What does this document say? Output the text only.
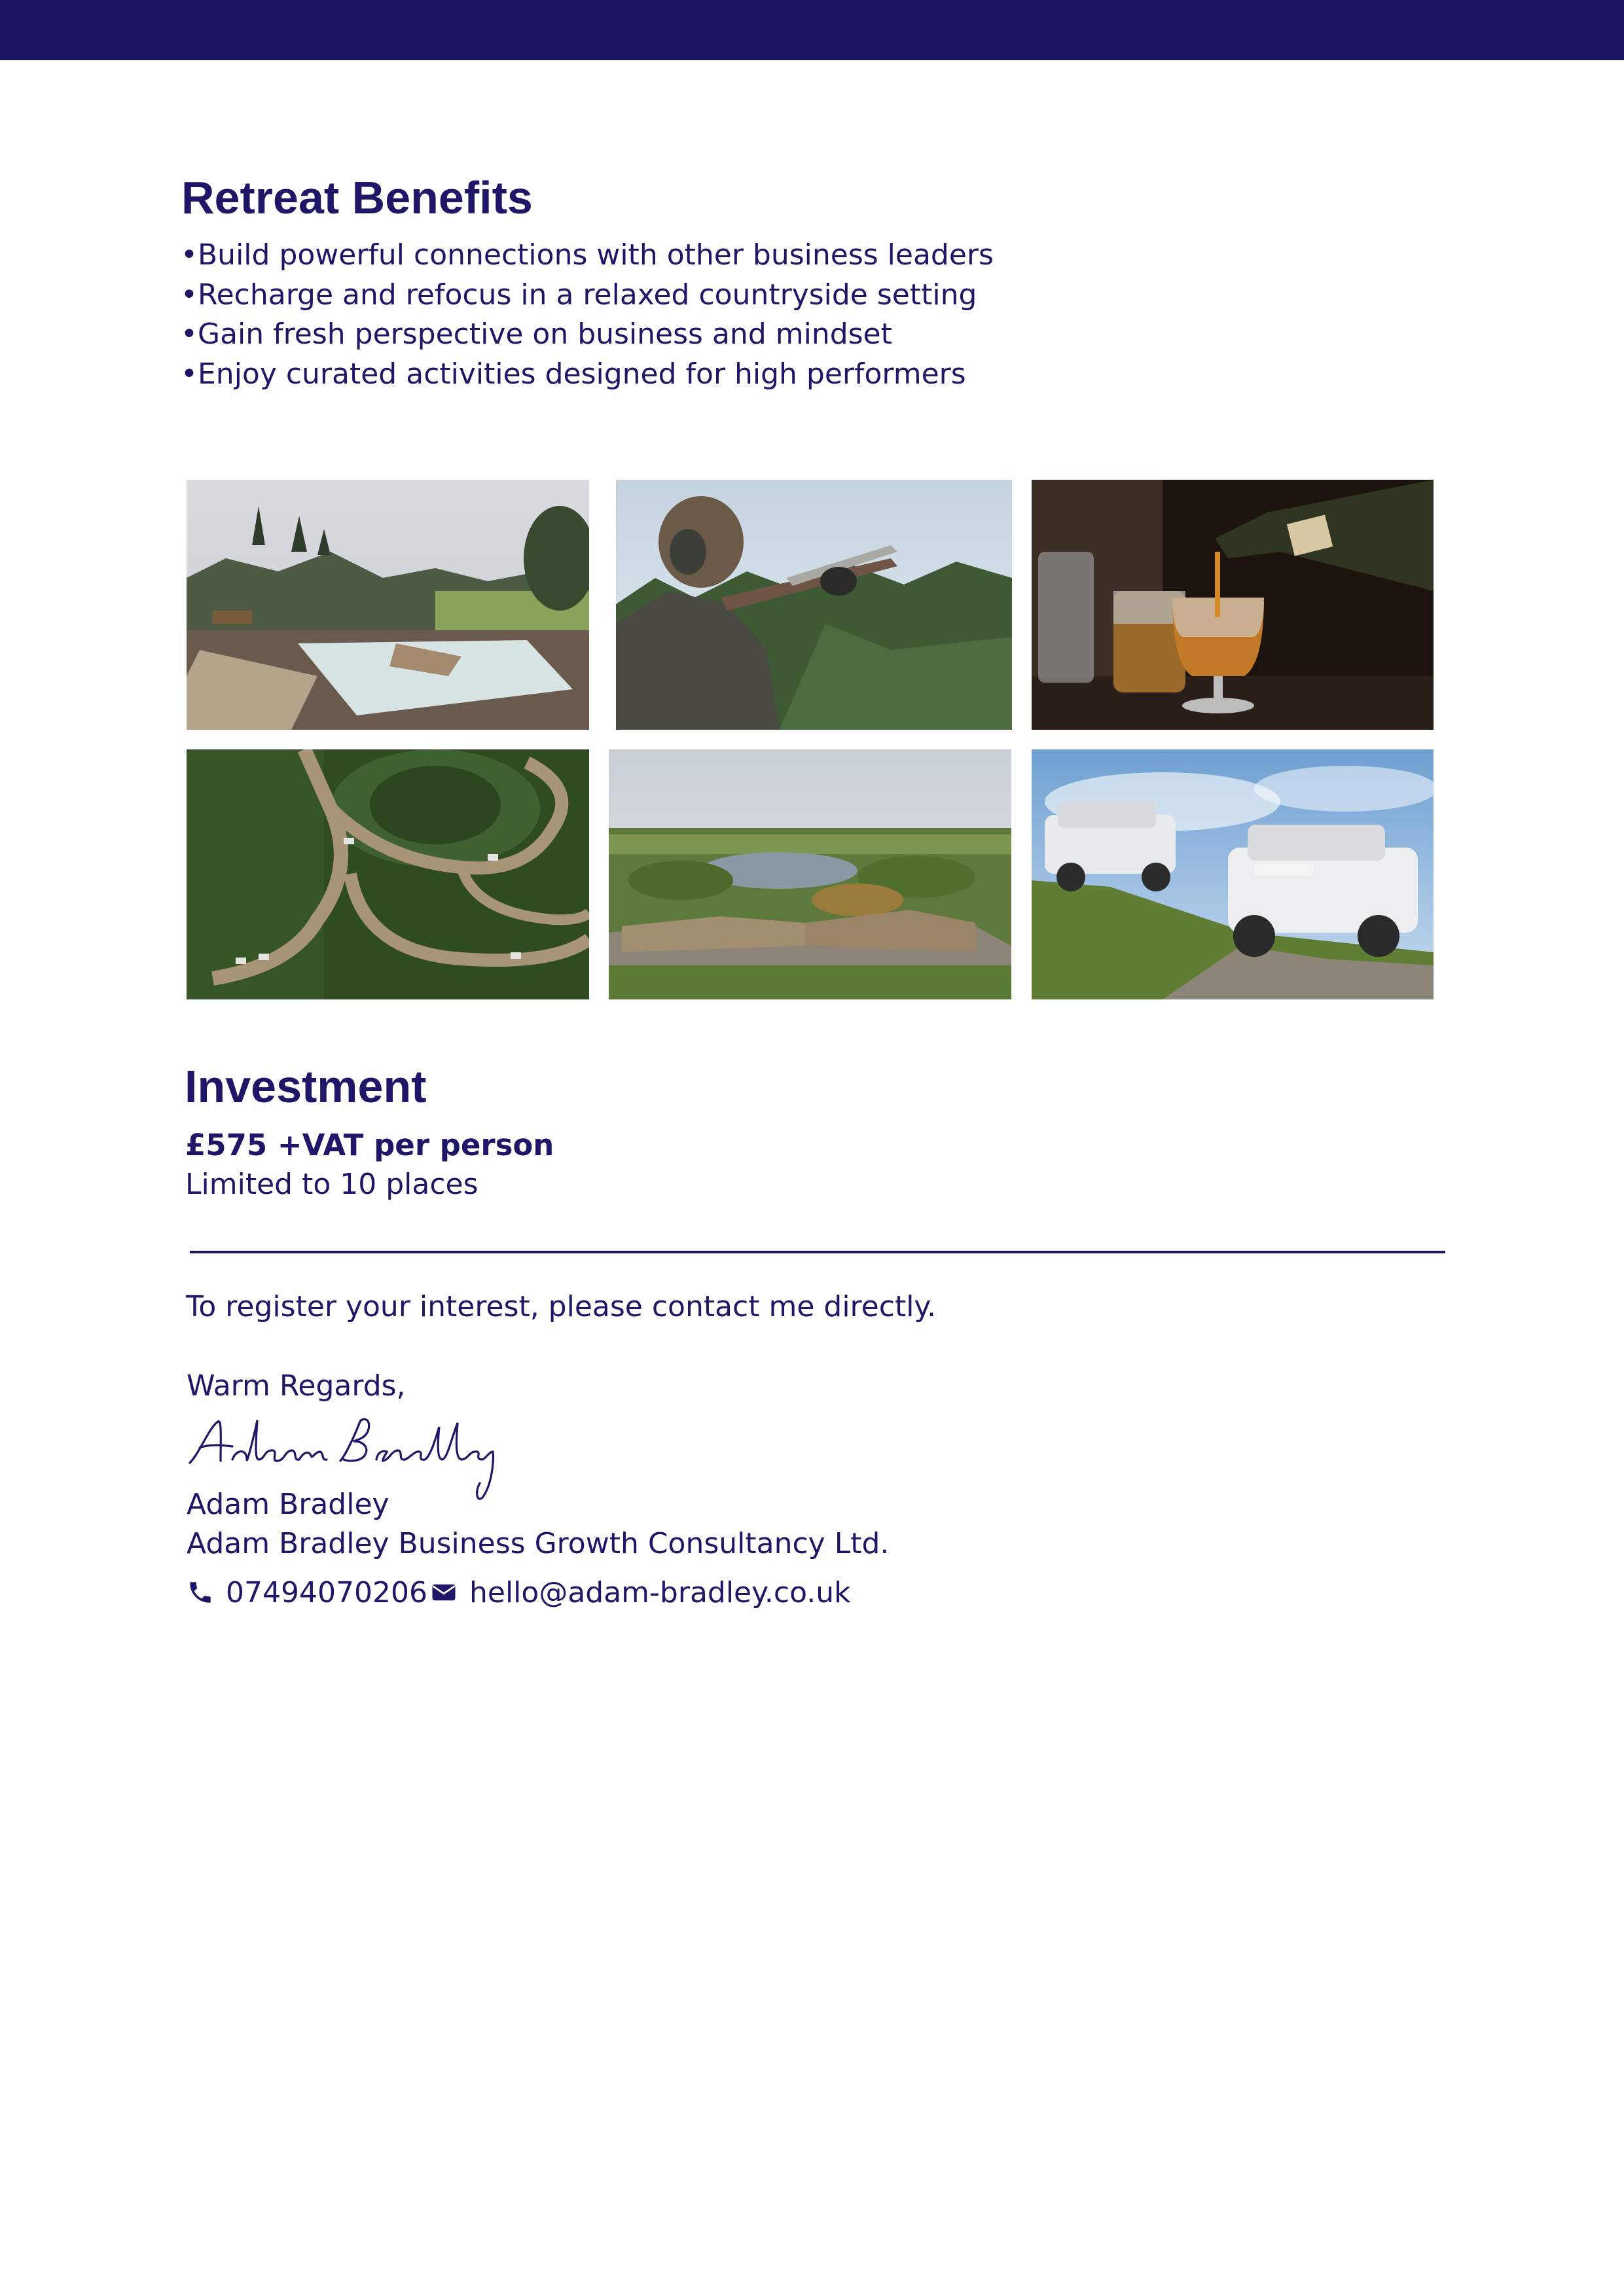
Retreat Benefits
•Build powerful connections with other business leaders
•Recharge and refocus in a relaxed countryside setting
•Gain fresh perspective on business and mindset
•Enjoy curated activities designed for high performers
Investment

£575 +VAT per person

Limited to 10 places

To register your interest, please contact me directly.

Warm Regards,

Adam Bradley

Adam Bradley Business Growth Consultancy Ltd.

07494070206 hello@adam-bradley.co.uk
